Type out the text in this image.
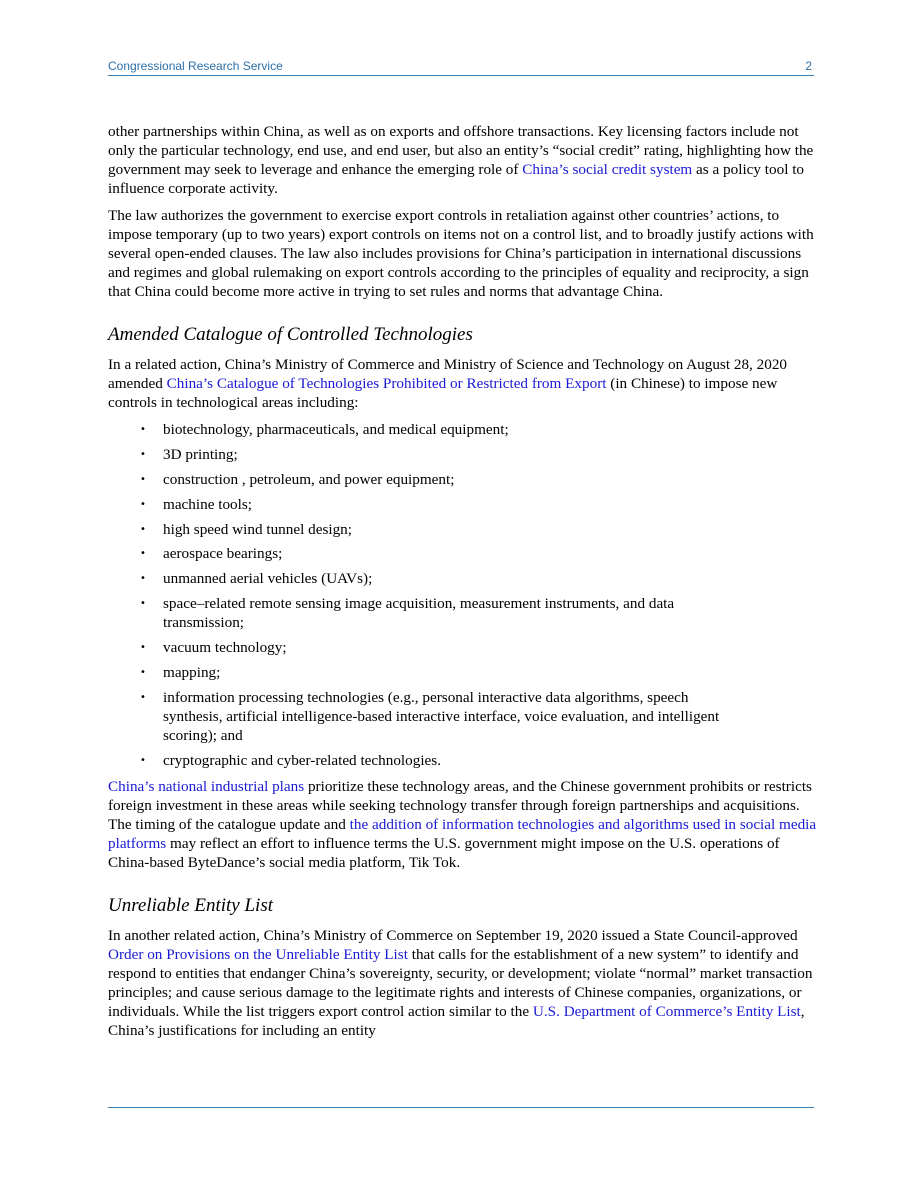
Congressional Research Service	2

other partnerships within China, as well as on exports and offshore transactions. Key licensing factors include not only the particular technology, end use, and end user, but also an entity’s “social credit” rating, highlighting how the government may seek to leverage and enhance the emerging role of China’s social credit system as a policy tool to influence corporate activity.

The law authorizes the government to exercise export controls in retaliation against other countries’ actions, to impose temporary (up to two years) export controls on items not on a control list, and to broadly justify actions with several open-ended clauses. The law also includes provisions for China’s participation in international discussions and regimes and global rulemaking on export controls according to the principles of equality and reciprocity, a sign that China could become more active in trying to set rules and norms that advantage China.

Amended Catalogue of Controlled Technologies

In a related action, China’s Ministry of Commerce and Ministry of Science and Technology on August 28, 2020 amended China’s Catalogue of Technologies Prohibited or Restricted from Export (in Chinese) to impose new controls in technological areas including:

• biotechnology, pharmaceuticals, and medical equipment;
• 3D printing;
• construction , petroleum, and power equipment;
• machine tools;
• high speed wind tunnel design;
• aerospace bearings;
• unmanned aerial vehicles (UAVs);
• space–related remote sensing image acquisition, measurement instruments, and data transmission;
• vacuum technology;
• mapping;
• information processing technologies (e.g., personal interactive data algorithms, speech synthesis, artificial intelligence-based interactive interface, voice evaluation, and intelligent scoring); and
• cryptographic and cyber-related technologies.

China’s national industrial plans prioritize these technology areas, and the Chinese government prohibits or restricts foreign investment in these areas while seeking technology transfer through foreign partnerships and acquisitions. The timing of the catalogue update and the addition of information technologies and algorithms used in social media platforms may reflect an effort to influence terms the U.S. government might impose on the U.S. operations of China-based ByteDance’s social media platform, Tik Tok.

Unreliable Entity List

In another related action, China’s Ministry of Commerce on September 19, 2020 issued a State Council-approved Order on Provisions on the Unreliable Entity List that calls for the establishment of a new system” to identify and respond to entities that endanger China’s sovereignty, security, or development; violate “normal” market transaction principles; and cause serious damage to the legitimate rights and interests of Chinese companies, organizations, or individuals. While the list triggers export control action similar to the U.S. Department of Commerce’s Entity List, China’s justifications for including an entity
